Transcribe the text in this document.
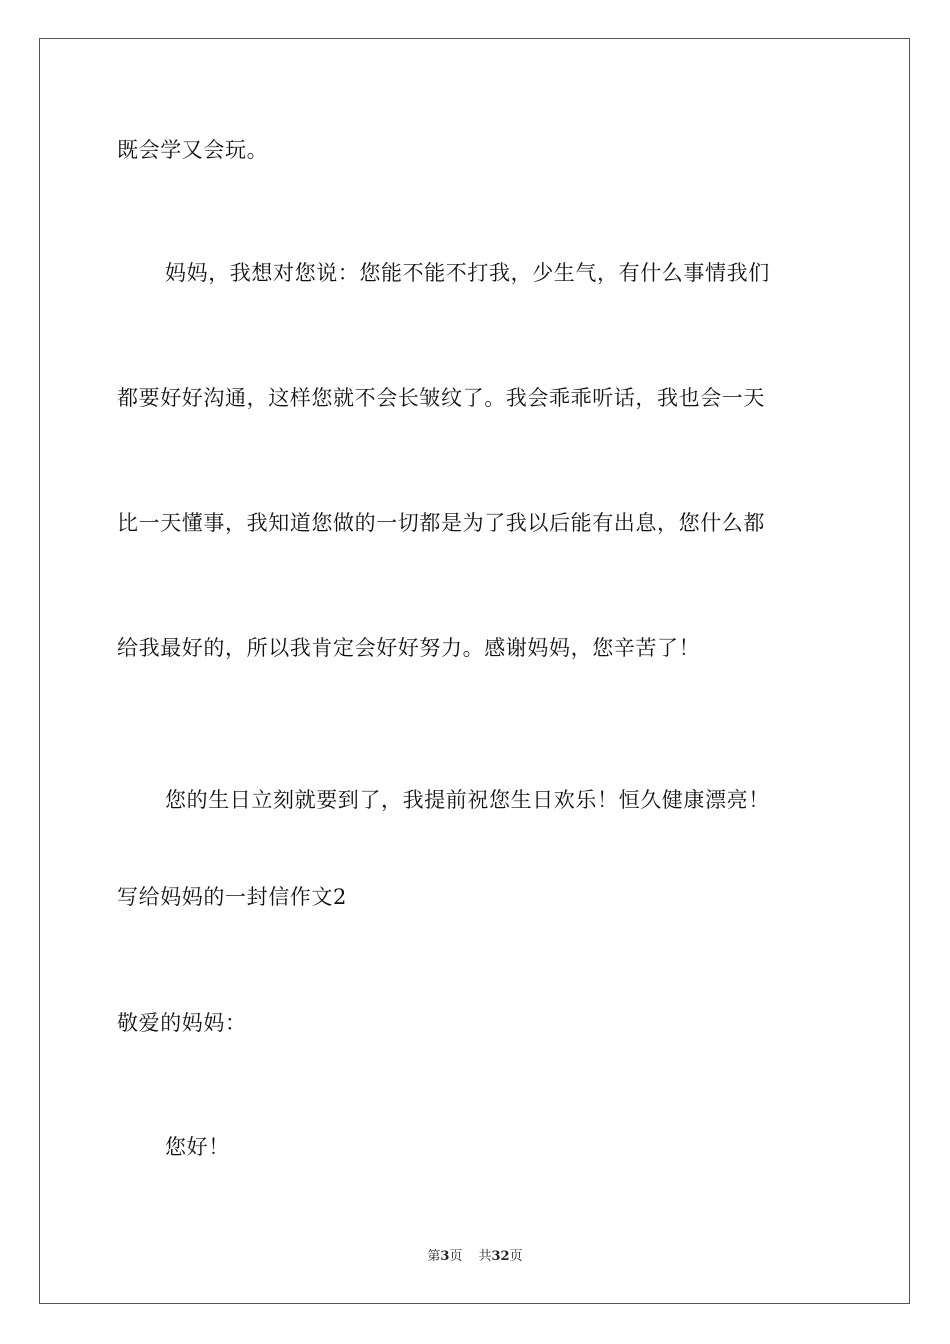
既会学又会玩。
妈妈，我想对您说：您能不能不打我，少生气，有什么事情我们
都要好好沟通，这样您就不会长皱纹了。我会乖乖听话，我也会一天
比一天懂事，我知道您做的一切都是为了我以后能有出息，您什么都
给我最好的，所以我肯定会好好努力。感谢妈妈，您辛苦了！
您的生日立刻就要到了，我提前祝您生日欢乐！恒久健康漂亮！
写给妈妈的一封信作文2
敬爱的妈妈：
您好！
第3页 共32页
